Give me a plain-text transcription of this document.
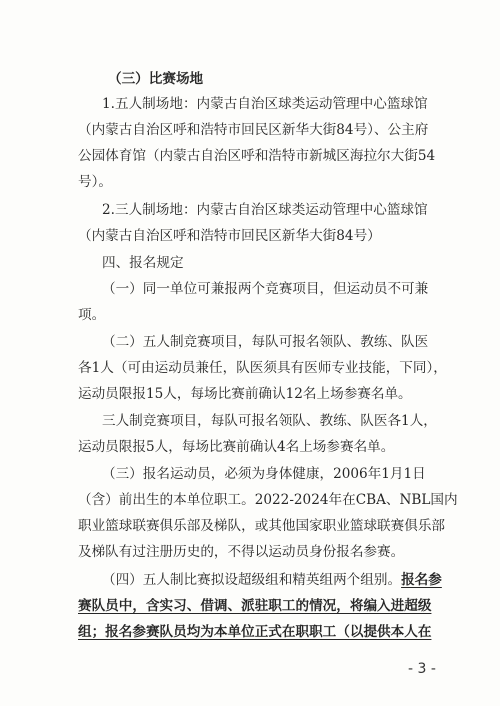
（三）比赛场地

1.五人制场地：内蒙古自治区球类运动管理中心篮球馆

（内蒙古自治区呼和浩特市回民区新华大街84号）、公主府

公园体育馆（内蒙古自治区呼和浩特市新城区海拉尔大街54

号）。

2.三人制场地：内蒙古自治区球类运动管理中心篮球馆

（内蒙古自治区呼和浩特市回民区新华大街84号）

四、报名规定

（一）同一单位可兼报两个竞赛项目，但运动员不可兼

项。

（二）五人制竞赛项目，每队可报名领队、教练、队医

各1人（可由运动员兼任，队医须具有医师专业技能，下同），

运动员限报15人，每场比赛前确认12名上场参赛名单。

三人制竞赛项目，每队可报名领队、教练、队医各1人，

运动员限报5人，每场比赛前确认4名上场参赛名单。

（三）报名运动员，必须为身体健康，2006年1月1日

（含）前出生的本单位职工。2022-2024年在CBA、NBL国内

职业篮球联赛俱乐部及梯队，或其他国家职业篮球联赛俱乐部

及梯队有过注册历史的，不得以运动员身份报名参赛。

（四）五人制比赛拟设超级组和精英组两个组别。报名参

赛队员中，含实习、借调、派驻职工的情况，将编入进超级

组；报名参赛队员均为本单位正式在职职工（以提供本人在

- 3 -
